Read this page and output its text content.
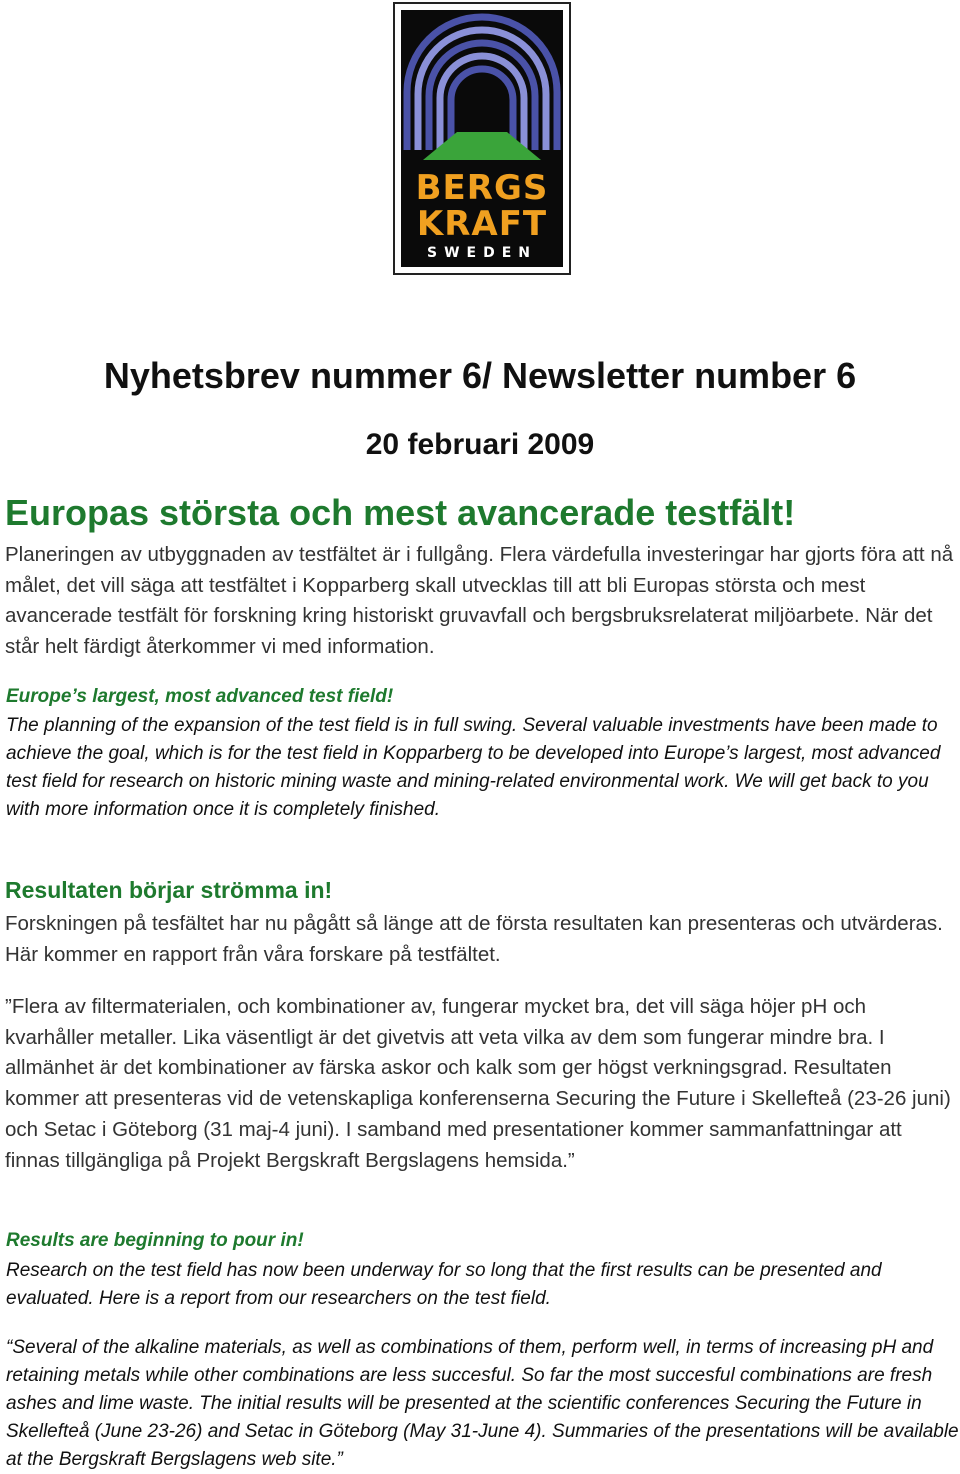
BERGS
KRAFT
SWEDEN
Nyhetsbrev nummer 6/ Newsletter number 6
20 februari 2009
Europas största och mest avancerade testfält!
Planeringen av utbyggnaden av testfältet är i fullgång. Flera värdefulla investeringar har gjorts föra att nå målet, det vill säga att testfältet i Kopparberg skall utvecklas till att bli Europas största och mest avancerade testfält för forskning kring historiskt gruvavfall och bergsbruksrelaterat miljöarbete. När det står helt färdigt återkommer vi med information.
Europe’s largest, most advanced test field!
The planning of the expansion of the test field is in full swing. Several valuable investments have been made to achieve the goal, which is for the test field in Kopparberg to be developed into Europe’s largest, most advanced test field for research on historic mining waste and mining-related environmental work. We will get back to you with more information once it is completely finished.
Resultaten börjar strömma in!
Forskningen på tesfältet har nu pågått så länge att de första resultaten kan presenteras och utvärderas. Här kommer en rapport från våra forskare på testfältet.
”Flera av filtermaterialen, och kombinationer av, fungerar mycket bra, det vill säga höjer pH och kvarhåller metaller. Lika väsentligt är det givetvis att veta vilka av dem som fungerar mindre bra. I allmänhet är det kombinationer av färska askor och kalk som ger högst verkningsgrad. Resultaten kommer att presenteras vid de vetenskapliga konferenserna Securing the Future i Skellefteå (23-26 juni) och Setac i Göteborg (31 maj-4 juni). I samband med presentationer kommer sammanfattningar att finnas tillgängliga på Projekt Bergskraft Bergslagens hemsida.”
Results are beginning to pour in!
Research on the test field has now been underway for so long that the first results can be presented and evaluated. Here is a report from our researchers on the test field.
“Several of the alkaline materials, as well as combinations of them, perform well, in terms of increasing pH and retaining metals while other combinations are less succesful. So far the most succesful combinations are fresh ashes and lime waste. The initial results will be presented at the scientific conferences Securing the Future in Skellefteå (June 23-26) and Setac in Göteborg (May 31-June 4). Summaries of the presentations will be available at the Bergskraft Bergslagens web site.”
